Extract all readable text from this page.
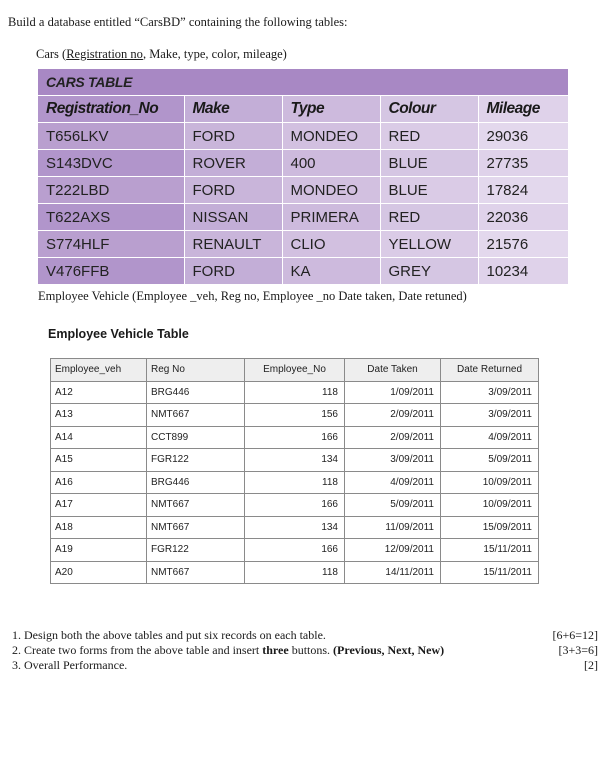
Build a database entitled “CarsBD” containing the following tables:
Cars (Registration no, Make, type, color, mileage)
CARS TABLE				
Registration_No	Make	Type	Colour	Mileage
T656LKV	FORD	MONDEO	RED	29036
S143DVC	ROVER	400	BLUE	27735
T222LBD	FORD	MONDEO	BLUE	17824
T622AXS	NISSAN	PRIMERA	RED	22036
S774HLF	RENAULT	CLIO	YELLOW	21576
V476FFB	FORD	KA	GREY	10234
Employee Vehicle (Employee _veh, Reg no, Employee _no Date taken, Date retuned)
Employee Vehicle Table
Employee_veh	Reg No	Employee_No	Date Taken	Date Returned
A12	BRG446	118	1/09/2011	3/09/2011
A13	NMT667	156	2/09/2011	3/09/2011
A14	CCT899	166	2/09/2011	4/09/2011
A15	FGR122	134	3/09/2011	5/09/2011
A16	BRG446	118	4/09/2011	10/09/2011
A17	NMT667	166	5/09/2011	10/09/2011
A18	NMT667	134	11/09/2011	15/09/2011
A19	FGR122	166	12/09/2011	15/11/2011
A20	NMT667	118	14/11/2011	15/11/2011
1. Design both the above tables and put six records on each table.	[6+6=12]
2. Create two forms from the above table and insert three buttons. (Previous, Next, New)	[3+3=6]
3. Overall Performance.	[2]
